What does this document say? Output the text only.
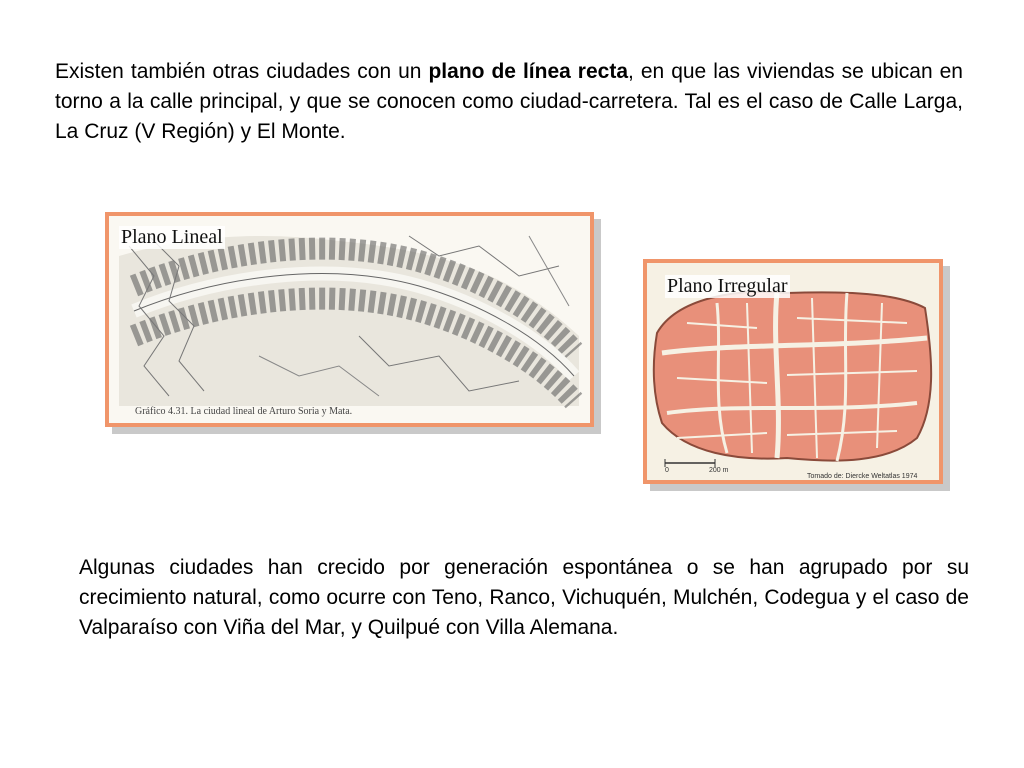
Existen también otras ciudades con un plano de línea recta, en que las viviendas se ubican en torno a la calle principal, y que se conocen como ciudad-carretera. Tal es el caso de Calle Larga, La Cruz (V Región) y El Monte.

Plano Lineal
Gráfico 4.31. La ciudad lineal de Arturo Soria y Mata.
Plano Irregular
0	200 m
Tomado de: Diercke Weltatlas 1974

Algunas ciudades han crecido por generación espontánea o se han agrupado por su crecimiento natural, como ocurre con Teno, Ranco, Vichuquén, Mulchén, Codegua y el caso de Valparaíso con Viña del Mar, y Quilpué con Villa Alemana.
